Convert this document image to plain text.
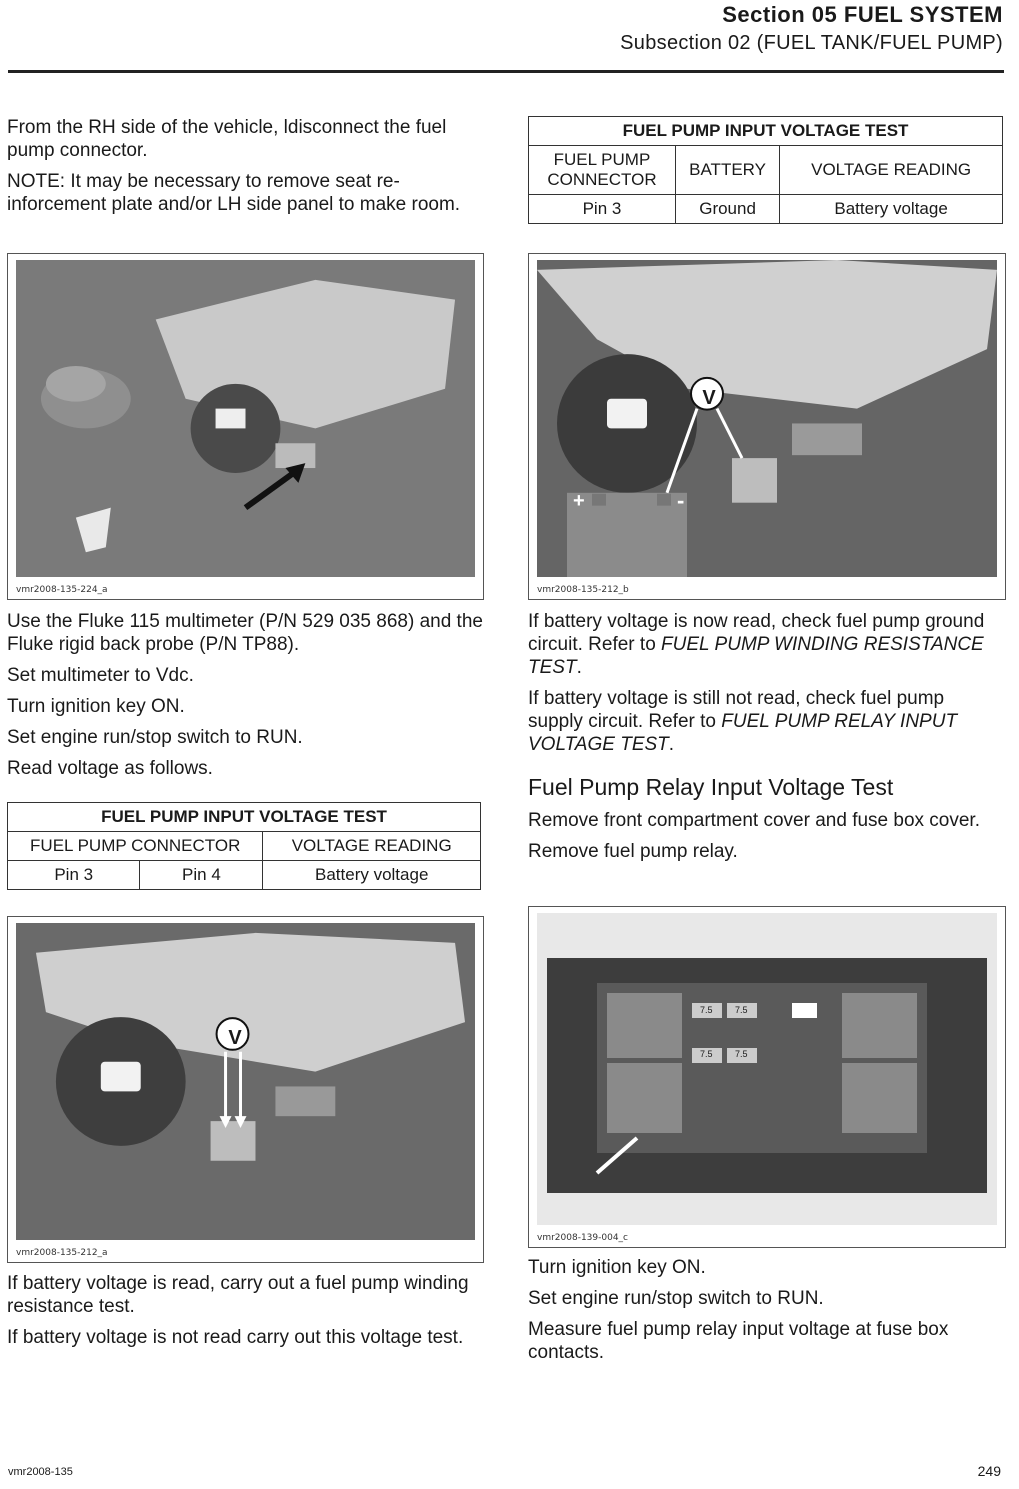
Section 05 FUEL SYSTEM
Subsection 02 (FUEL TANK/FUEL PUMP)

From the RH side of the vehicle, ldisconnect the fuel pump connector.

NOTE: It may be necessary to remove seat re-inforcement plate and/or LH side panel to make room.

vmr2008-135-224_a

Use the Fluke 115 multimeter (P/N 529 035 868) and the Fluke rigid back probe (P/N TP88).

Set multimeter to Vdc.

Turn ignition key ON.

Set engine run/stop switch to RUN.

Read voltage as follows.

FUEL PUMP INPUT VOLTAGE TEST		
FUEL PUMP CONNECTOR		VOLTAGE READING
Pin 3	Pin 4	Battery voltage
V
vmr2008-135-212_a

If battery voltage is read, carry out a fuel pump winding resistance test.

If battery voltage is not read carry out this voltage test.

FUEL PUMP INPUT VOLTAGE TEST		
FUEL PUMP CONNECTOR	BATTERY	VOLTAGE READING
Pin 3	Ground	Battery voltage
V
+	-
vmr2008-135-212_b

If battery voltage is now read, check fuel pump ground circuit. Refer to FUEL PUMP WINDING RESISTANCE TEST.

If battery voltage is still not read, check fuel pump supply circuit. Refer to FUEL PUMP RELAY INPUT VOLTAGE TEST.

Fuel Pump Relay Input Voltage Test

Remove front compartment cover and fuse box cover.

Remove fuel pump relay.

7.5 7.5
7.5 7.5
vmr2008-139-004_c

Turn ignition key ON.

Set engine run/stop switch to RUN.

Measure fuel pump relay input voltage at fuse box contacts.

vmr2008-135	249
